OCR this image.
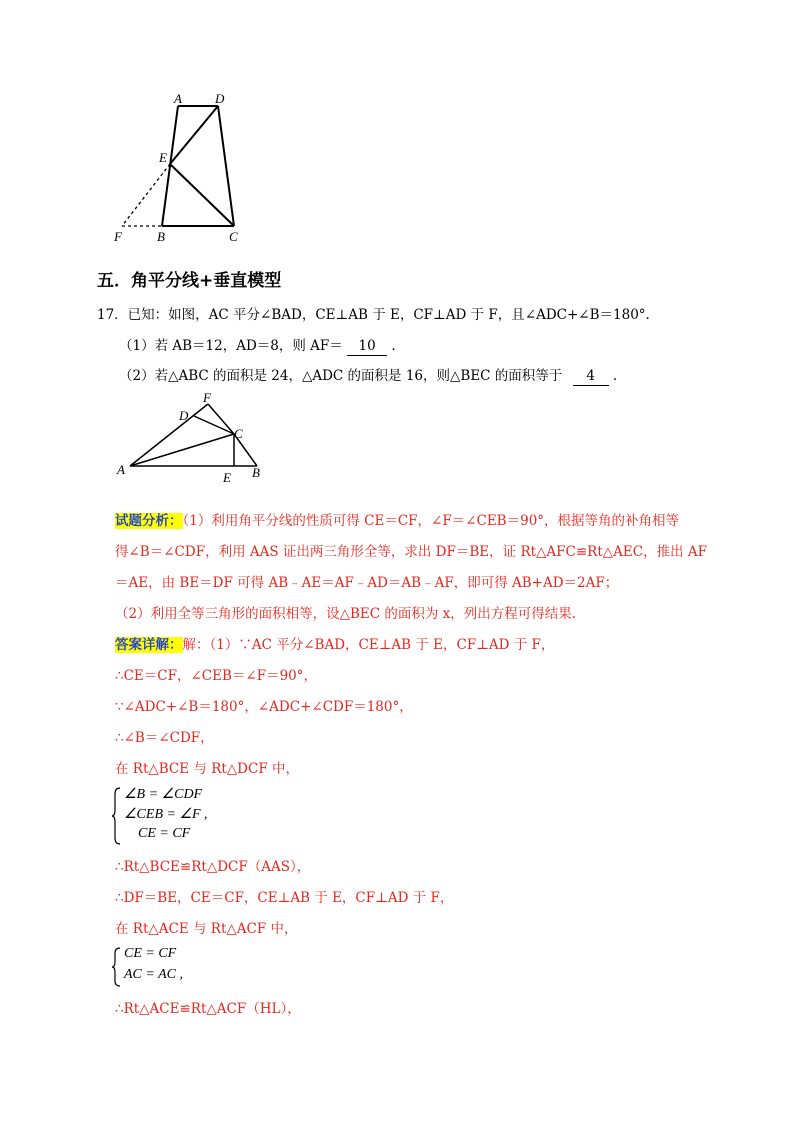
A	D
E
F	B	C
五．角平分线+垂直模型
17．已知：如图，AC 平分∠BAD，CE⊥AB 于 E，CF⊥AD 于 F，且∠ADC+∠B＝180°.
（1）若 AB＝12，AD＝8，则 AF＝ 10 .
（2）若△ABC 的面积是 24，△ADC 的面积是 16，则△BEC 的面积等于 4 .
F
D
C
A
E B
试题分析：（1）利用角平分线的性质可得 CE＝CF，∠F＝∠CEB＝90°，根据等角的补角相等
得∠B＝∠CDF，利用 AAS 证出两三角形全等，求出 DF＝BE，证 Rt△AFC≌Rt△AEC，推出 AF
＝AE，由 BE＝DF 可得 AB﹣AE＝AF﹣AD＝AB﹣AF，即可得 AB+AD＝2AF；
（2）利用全等三角形的面积相等，设△BEC 的面积为 x，列出方程可得结果.
答案详解：解：（1）∵AC 平分∠BAD，CE⊥AB 于 E，CF⊥AD 于 F，
∴CE＝CF，∠CEB＝∠F＝90°，
∵∠ADC+∠B＝180°，∠ADC+∠CDF＝180°，
∴∠B＝∠CDF，
在 Rt△BCE 与 Rt△DCF 中，
∠B = ∠CDF
∠CEB = ∠F ,
CE = CF
∴Rt△BCE≌Rt△DCF（AAS），
∴DF＝BE，CE＝CF，CE⊥AB 于 E，CF⊥AD 于 F，
在 Rt△ACE 与 Rt△ACF 中，
CE = CF
AC = AC ,
∴Rt△ACE≌Rt△ACF（HL），
